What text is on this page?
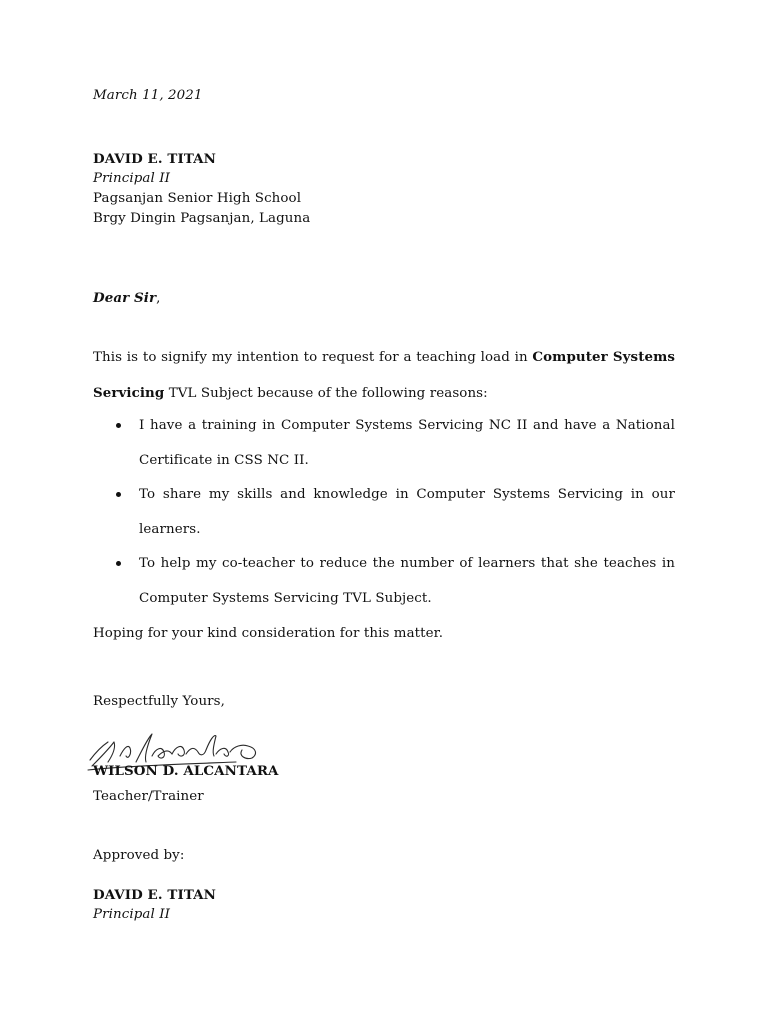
March 11, 2021

DAVID E. TITAN

Principal II

Pagsanjan Senior High School

Brgy Dingin Pagsanjan, Laguna

Dear Sir,

This is to signify my intention to request for a teaching load in Computer Systems Servicing TVL Subject because of the following reasons:

I have a training in Computer Systems Servicing NC II and have a National Certificate in CSS NC II.
To share my skills and knowledge in Computer Systems Servicing in our learners.
To help my co-teacher to reduce the number of learners that she teaches in Computer Systems Servicing TVL Subject.

Hoping for your kind consideration for this matter.

Respectfully Yours,

WILSON D. ALCANTARA

Teacher/Trainer

Approved by:

DAVID E. TITAN

Principal II
